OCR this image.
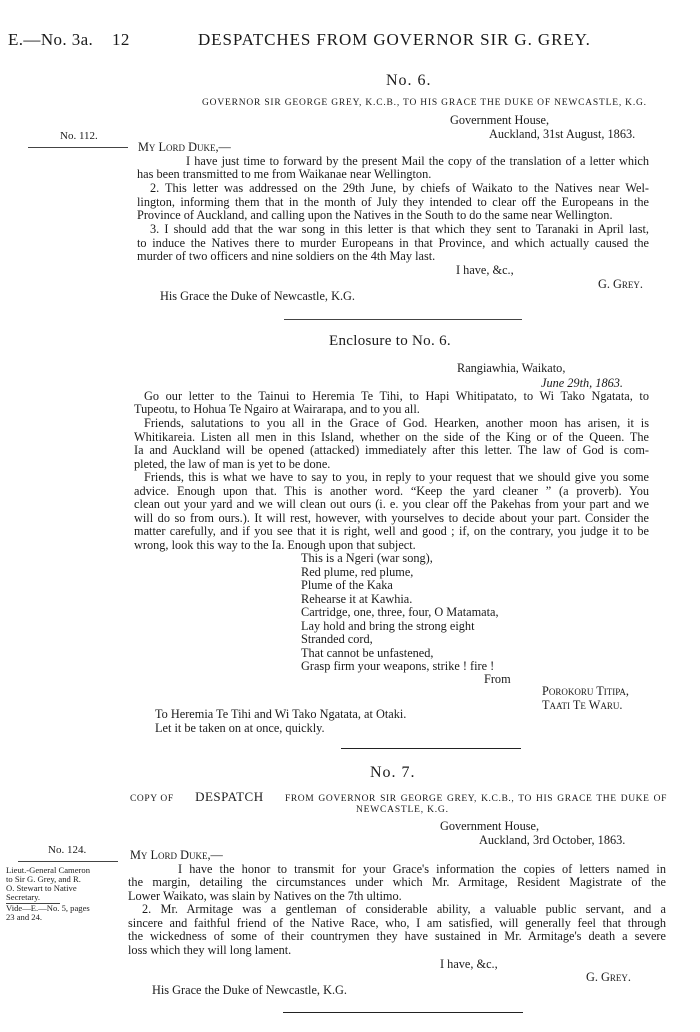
E.—No. 3a. 12	DESPATCHES FROM GOVERNOR SIR G. GREY.
No. 6.
GOVERNOR SIR GEORGE GREY, K.C.B., TO HIS GRACE THE DUKE OF NEWCASTLE, K.G.
Government House,
Auckland, 31st August, 1863.
No. 112.
My Lord Duke,—
I have just time to forward by the present Mail the copy of the translation of a letter which
has been transmitted to me from Waikanae near Wellington.
2. This letter was addressed on the 29th June, by chiefs of Waikato to the Natives near Wel-
lington, informing them that in the month of July they intended to clear off the Europeans in the
Province of Auckland, and calling upon the Natives in the South to do the same near Wellington.
3. I should add that the war song in this letter is that which they sent to Taranaki in April last,
to induce the Natives there to murder Europeans in that Province, and which actually caused the
murder of two officers and nine soldiers on the 4th May last.
I have, &c.,
G. Grey.
His Grace the Duke of Newcastle, K.G.
Enclosure to No. 6.
Rangiawhia, Waikato,
June 29th, 1863.
Go our letter to the Tainui to Heremia Te Tihi, to Hapi Whitipatato, to Wi Tako Ngatata, to
Tupeotu, to Hohua Te Ngairo at Wairarapa, and to you all.
Friends, salutations to you all in the Grace of God. Hearken, another moon has arisen, it is
Whitikareia. Listen all men in this Island, whether on the side of the King or of the Queen. The
Ia and Auckland will be opened (attacked) immediately after this letter. The law of God is com-
pleted, the law of man is yet to be done.
Friends, this is what we have to say to you, in reply to your request that we should give you some
advice. Enough upon that. This is another word. “Keep the yard cleaner ” (a proverb). You
clean out your yard and we will clean out ours (i. e. you clear off the Pakehas from your part and we
will do so from ours.). It will rest, however, with yourselves to decide about your part. Consider the
matter carefully, and if you see that it is right, well and good ; if, on the contrary, you judge it to be
wrong, look this way to the Ia. Enough upon that subject.
This is a Ngeri (war song),
Red plume, red plume,
Plume of the Kaka
Rehearse it at Kawhia.
Cartridge, one, three, four, O Matamata,
Lay hold and bring the strong eight
Stranded cord,
That cannot be unfastened,
Grasp firm your weapons, strike ! fire !
From
Porokoru Titipa,
Taati Te Waru.
To Heremia Te Tihi and Wi Tako Ngatata, at Otaki.
Let it be taken on at once, quickly.
No. 7.
COPY OF DESPATCH FROM GOVERNOR SIR GEORGE GREY, K.C.B., TO HIS GRACE THE DUKE OF
NEWCASTLE, K.G.
Government House,
Auckland, 3rd October, 1863.
No. 124.	My Lord Duke,—
Lieut.-General Cameron
to Sir G. Grey, and R.
O. Stewart to Native
Secretary.
Vide—E.—No. 5, pages
23 and 24.
I have the honor to transmit for your Grace's information the copies of letters named in
the margin, detailing the circumstances under which Mr. Armitage, Resident Magistrate of the
Lower Waikato, was slain by Natives on the 7th ultimo.
2. Mr. Armitage was a gentleman of considerable ability, a valuable public servant, and a
sincere and faithful friend of the Native Race, who, I am satisfied, will generally feel that through
the wickedness of some of their countrymen they have sustained in Mr. Armitage's death a severe
loss which they will long lament.
I have, &c.,
G. Grey.
His Grace the Duke of Newcastle, K.G.
